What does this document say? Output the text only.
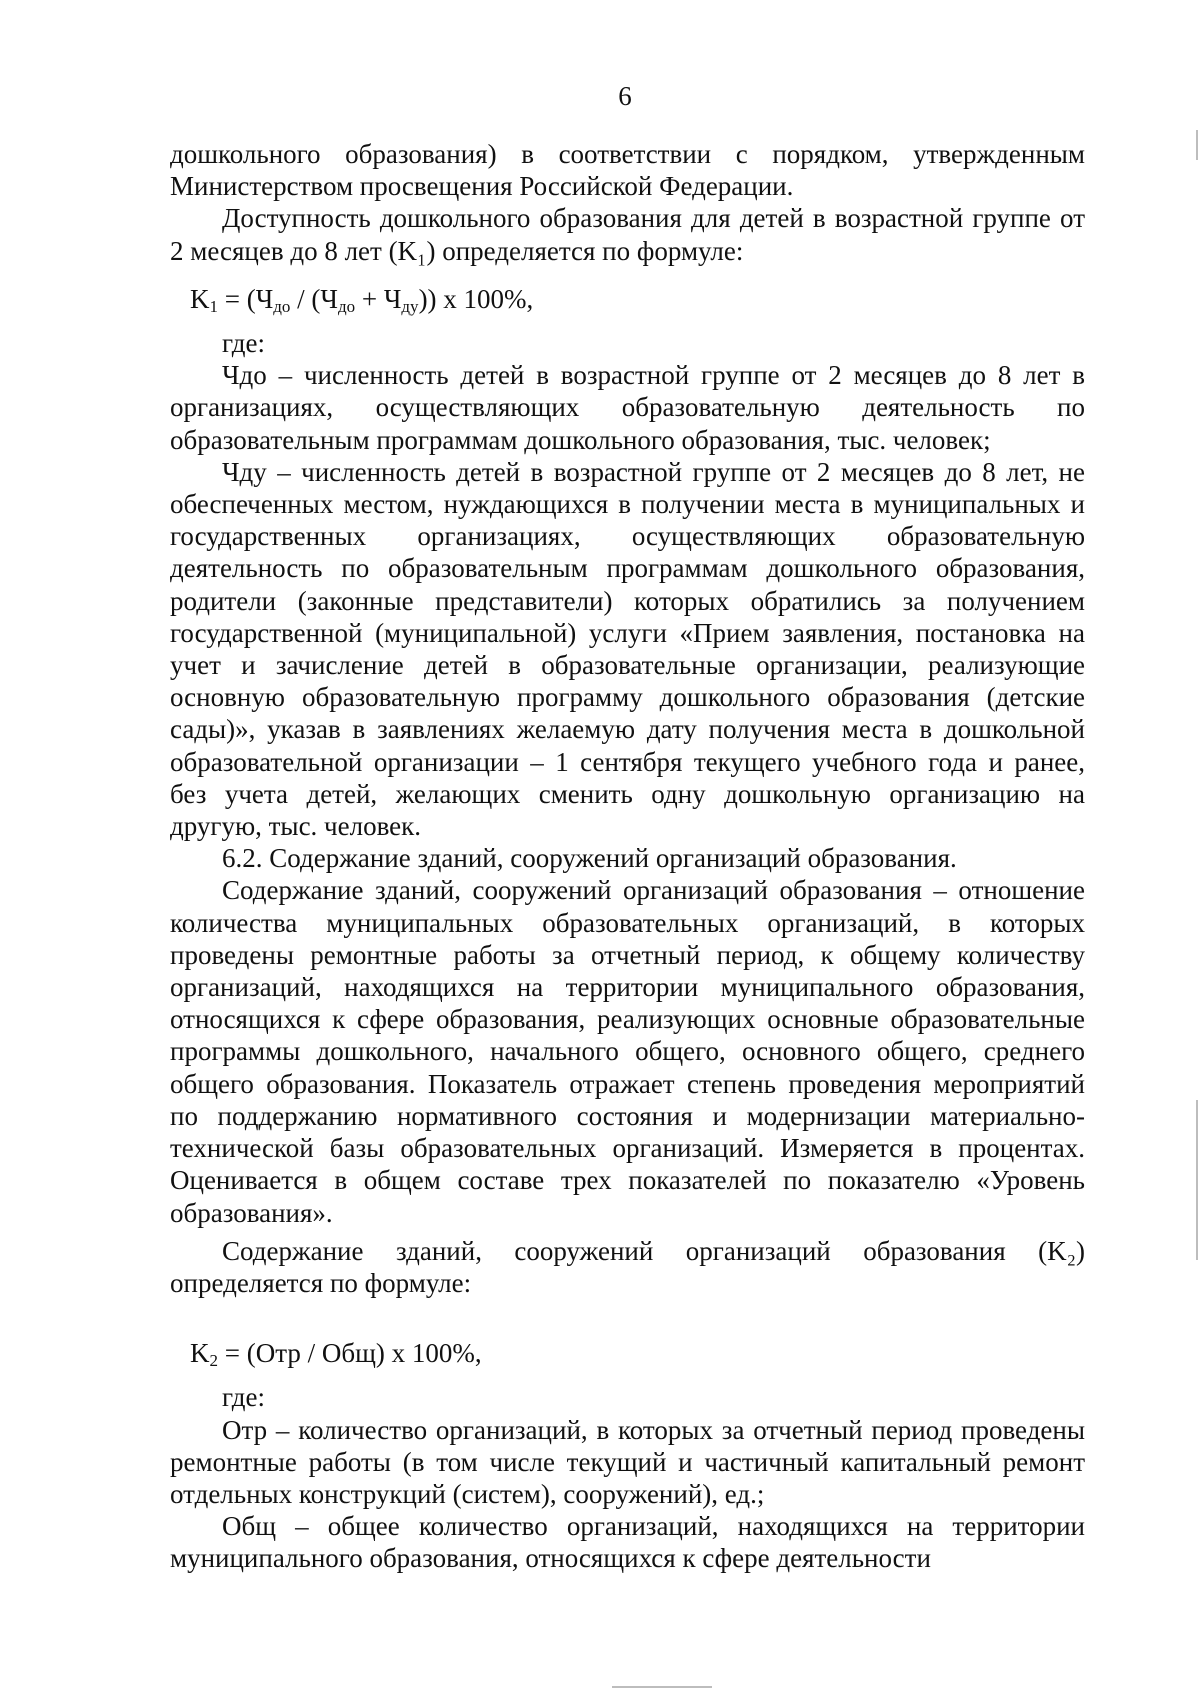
6

дошкольного образования) в соответствии с порядком, утвержденным Министерством просвещения Российской Федерации.

Доступность дошкольного образования для детей в возрастной группе от 2 месяцев до 8 лет (K₁) определяется по формуле:

$K_1 = (Ч_{до} / (Ч_{до} + Ч_{ду}))$ x 100%,

где:

Чдо – численность детей в возрастной группе от 2 месяцев до 8 лет в организациях, осуществляющих образовательную деятельность по образовательным программам дошкольного образования, тыс. человек;

Чду – численность детей в возрастной группе от 2 месяцев до 8 лет, не обеспеченных местом, нуждающихся в получении места в муниципальных и государственных организациях, осуществляющих образовательную деятельность по образовательным программам дошкольного образования, родители (законные представители) которых обратились за получением государственной (муниципальной) услуги «Прием заявления, постановка на учет и зачисление детей в образовательные организации, реализующие основную образовательную программу дошкольного образования (детские сады)», указав в заявлениях желаемую дату получения места в дошкольной образовательной организации – 1 сентября текущего учебного года и ранее, без учета детей, желающих сменить одну дошкольную организацию на другую, тыс. человек.

6.2. Содержание зданий, сооружений организаций образования.

Содержание зданий, сооружений организаций образования – отношение количества муниципальных образовательных организаций, в которых проведены ремонтные работы за отчетный период, к общему количеству организаций, находящихся на территории муниципального образования, относящихся к сфере образования, реализующих основные образовательные программы дошкольного, начального общего, основного общего, среднего общего образования. Показатель отражает степень проведения мероприятий по поддержанию нормативного состояния и модернизации материально-технической базы образовательных организаций. Измеряется в процентах. Оценивается в общем составе трех показателей по показателю «Уровень образования».

Содержание зданий, сооружений организаций образования (K₂) определяется по формуле:

$K_2 = (Отр / Общ)$ x 100%,

где:

Отр – количество организаций, в которых за отчетный период проведены ремонтные работы (в том числе текущий и частичный капитальный ремонт отдельных конструкций (систем), сооружений), ед.;

Общ – общее количество организаций, находящихся на территории муниципального образования, относящихся к сфере деятельности
